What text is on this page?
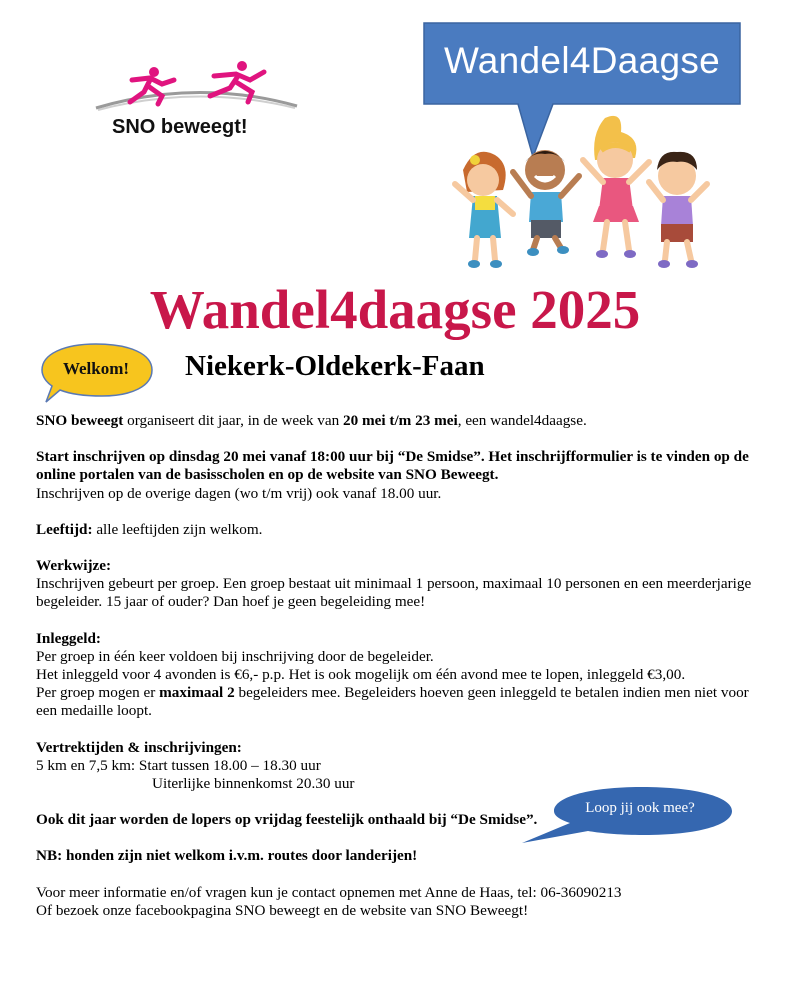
SNO beweegt!
Wandel4Daagse
Wandel4daagse 2025
Niekerk-Oldekerk-Faan
Welkom!

SNO beweegt organiseert dit jaar, in de week van 20 mei t/m 23 mei, een wandel4daagse.

Start inschrijven op dinsdag 20 mei vanaf 18:00 uur bij “De Smidse”. Het inschrijfformulier is te vinden op de online portalen van de basisscholen en op de website van SNO Beweegt.

Inschrijven op de overige dagen (wo t/m vrij) ook vanaf 18.00 uur.

Leeftijd: alle leeftijden zijn welkom.

Werkwijze:

Inschrijven gebeurt per groep. Een groep bestaat uit minimaal 1 persoon, maximaal 10 personen en een meerderjarige begeleider. 15 jaar of ouder? Dan hoef je geen begeleiding mee!

Inleggeld:

Per groep in één keer voldoen bij inschrijving door de begeleider.

Het inleggeld voor 4 avonden is €6,- p.p. Het is ook mogelijk om één avond mee te lopen, inleggeld €3,00.

Per groep mogen er maximaal 2 begeleiders mee. Begeleiders hoeven geen inleggeld te betalen indien men niet voor een medaille loopt.

Vertrektijden & inschrijvingen:

5 km en 7,5 km: Start tussen 18.00 – 18.30 uur

Uiterlijke binnenkomst 20.30 uur

Ook dit jaar worden de lopers op vrijdag feestelijk onthaald bij “De Smidse”.

NB: honden zijn niet welkom i.v.m. routes door landerijen!

Voor meer informatie en/of vragen kun je contact opnemen met Anne de Haas, tel: 06-36090213

Of bezoek onze facebookpagina SNO beweegt en de website van SNO Beweegt!

Loop jij ook mee?
